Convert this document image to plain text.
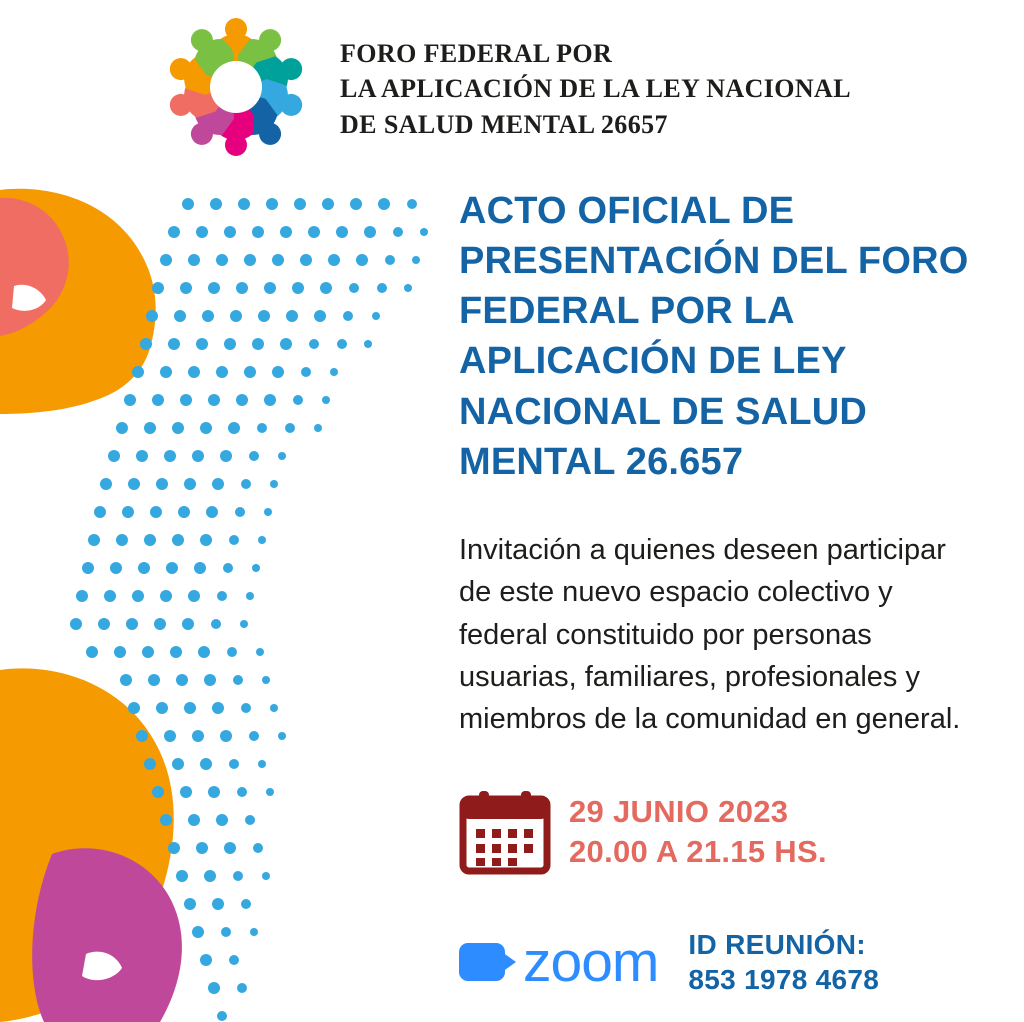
FORO FEDERAL POR
LA APLICACIÓN DE LA LEY NACIONAL
DE SALUD MENTAL 26657
ACTO OFICIAL DE PRESENTACIÓN DEL FORO FEDERAL POR LA APLICACIÓN DE LEY NACIONAL DE SALUD MENTAL 26.657

Invitación a quienes deseen participar de este nuevo espacio colectivo y federal constituido por personas usuarias, familiares, profesionales y miembros de la comunidad en general.

29 JUNIO 2023
20.00 A 21.15 HS.
zoom ID REUNIÓN:
853 1978 4678
